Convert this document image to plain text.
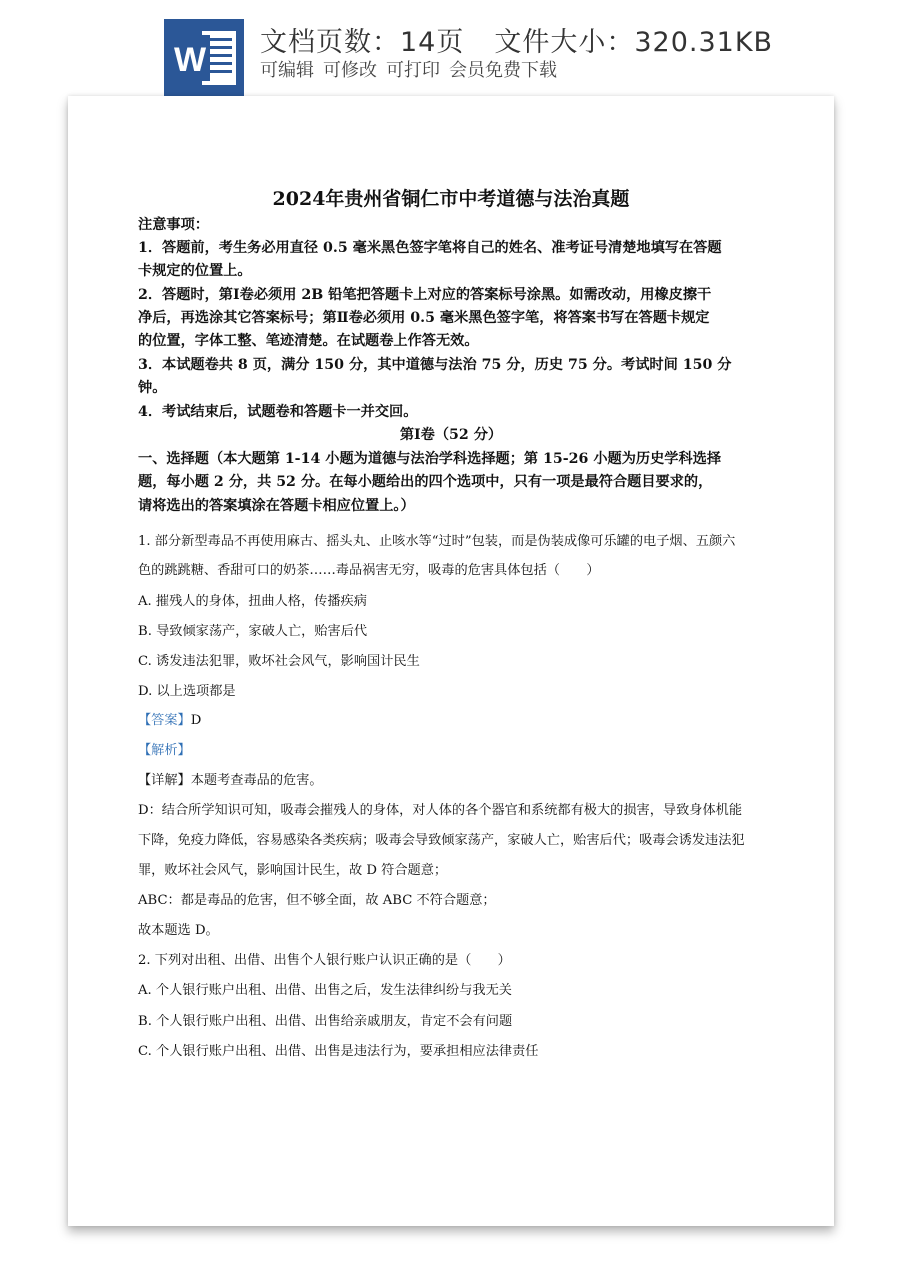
W 文档页数：14页 文件大小：320.31KB
可编辑 可修改 可打印 会员免费下载
2024年贵州省铜仁市中考道德与法治真题
注意事项：
1．答题前，考生务必用直径 0.5 毫米黑色签字笔将自己的姓名、准考证号清楚地填写在答题
卡规定的位置上。
2．答题时，第Ⅰ卷必须用 2B 铅笔把答题卡上对应的答案标号涂黑。如需改动，用橡皮擦干
净后，再选涂其它答案标号；第Ⅱ卷必须用 0.5 毫米黑色签字笔，将答案书写在答题卡规定
的位置，字体工整、笔迹清楚。在试题卷上作答无效。
3．本试题卷共 8 页，满分 150 分，其中道德与法治 75 分，历史 75 分。考试时间 150 分
钟。
4．考试结束后，试题卷和答题卡一并交回。
第Ⅰ卷（52 分）
一、选择题（本大题第 1-14 小题为道德与法治学科选择题；第 15-26 小题为历史学科选择
题，每小题 2 分，共 52 分。在每小题给出的四个选项中，只有一项是最符合题目要求的，
请将选出的答案填涂在答题卡相应位置上。）
1. 部分新型毒品不再使用麻古、摇头丸、止咳水等“过时”包装，而是伪装成像可乐罐的电子烟、五颜六
色的跳跳糖、香甜可口的奶茶……毒品祸害无穷，吸毒的危害具体包括（　　）
A. 摧残人的身体，扭曲人格，传播疾病
B. 导致倾家荡产，家破人亡，贻害后代
C. 诱发违法犯罪，败坏社会风气，影响国计民生
D. 以上选项都是
【答案】D
【解析】
【详解】本题考查毒品的危害。
D：结合所学知识可知，吸毒会摧残人的身体，对人体的各个器官和系统都有极大的损害，导致身体机能
下降，免疫力降低，容易感染各类疾病；吸毒会导致倾家荡产，家破人亡，贻害后代；吸毒会诱发违法犯
罪，败坏社会风气，影响国计民生，故 D 符合题意；
ABC：都是毒品的危害，但不够全面，故 ABC 不符合题意；
故本题选 D。
2. 下列对出租、出借、出售个人银行账户认识正确的是（　　）
A. 个人银行账户出租、出借、出售之后，发生法律纠纷与我无关
B. 个人银行账户出租、出借、出售给亲戚朋友，肯定不会有问题
C. 个人银行账户出租、出借、出售是违法行为，要承担相应法律责任
